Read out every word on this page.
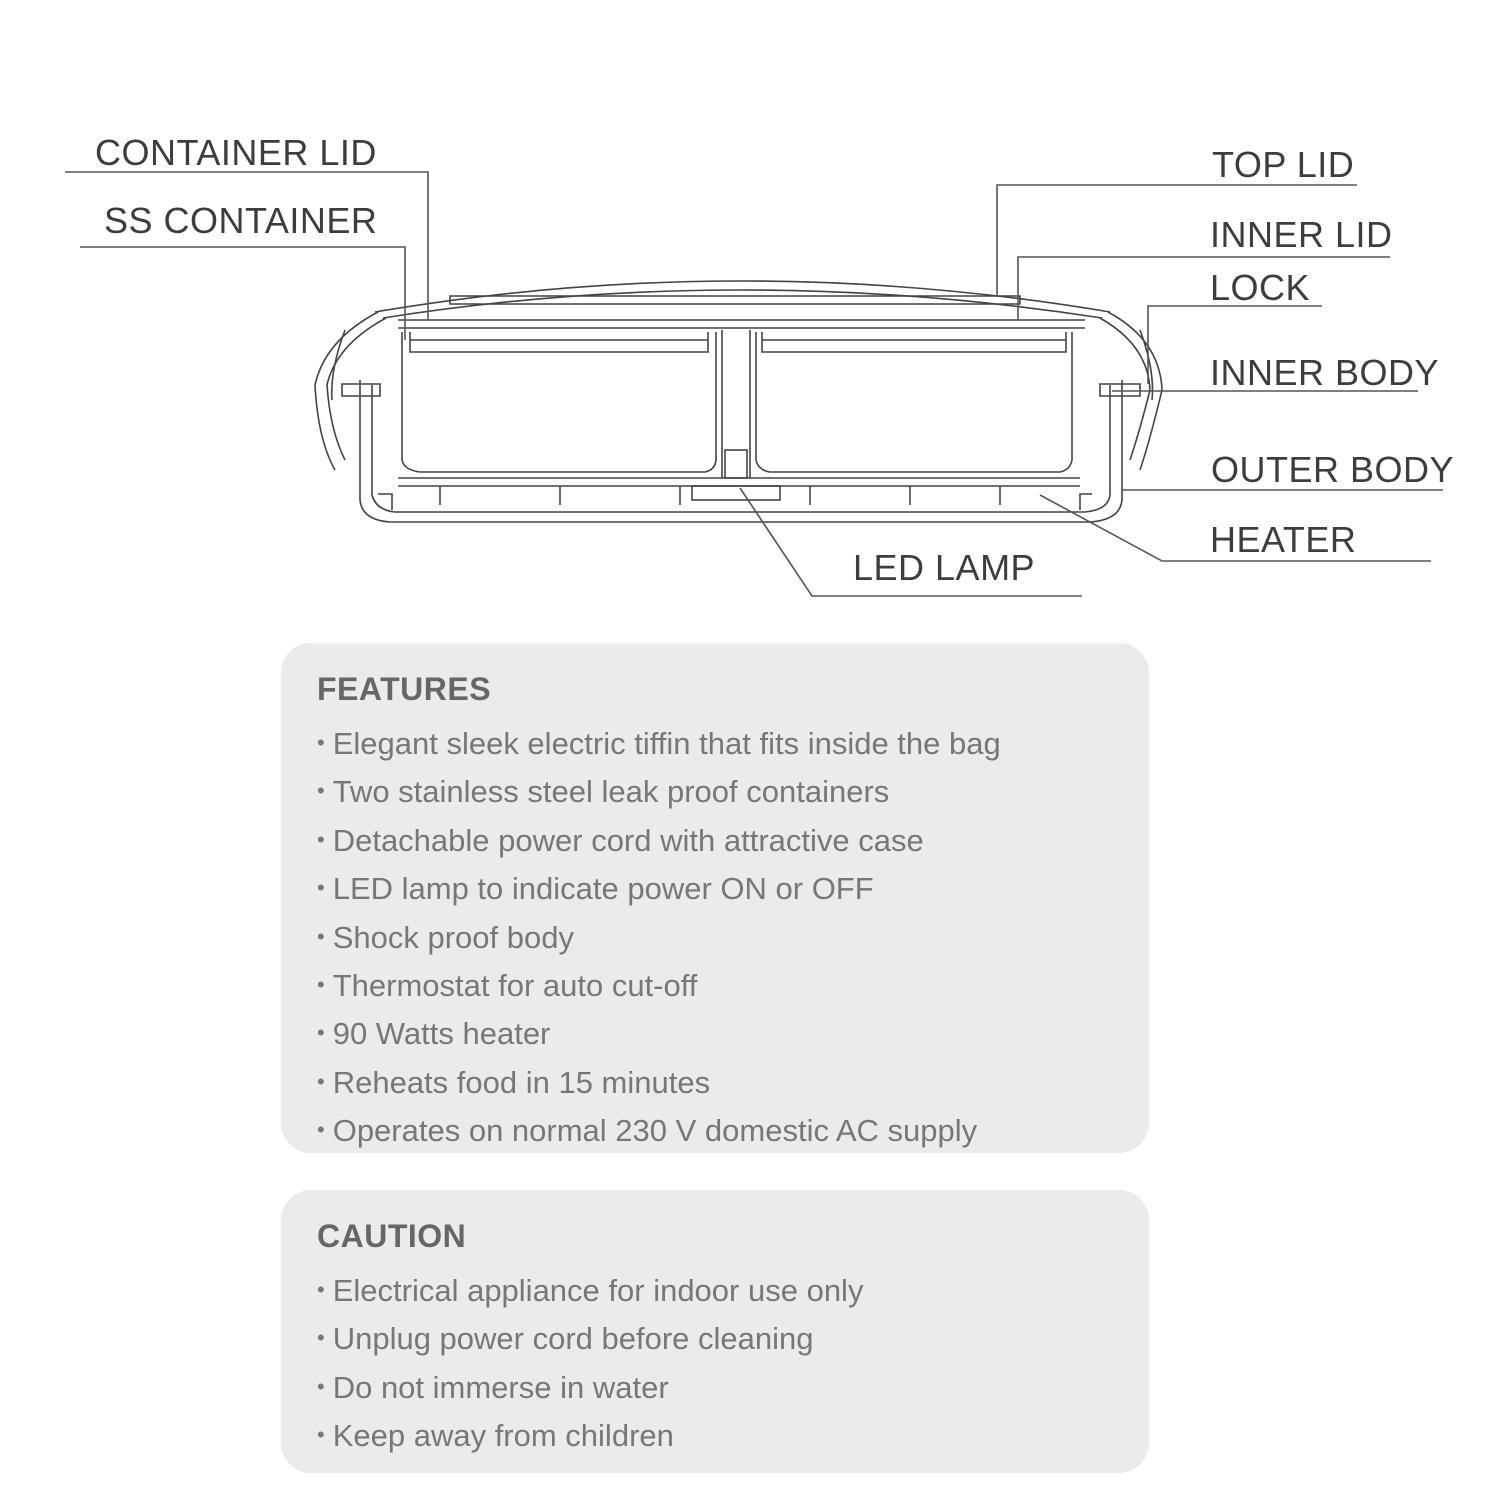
CONTAINER LID
SS CONTAINER
TOP LID
INNER LID
LOCK
INNER BODY
OUTER BODY
HEATER
LED LAMP
FEATURES
• Elegant sleek electric tiffin that fits inside the bag
• Two stainless steel leak proof containers
• Detachable power cord with attractive case
• LED lamp to indicate power ON or OFF
• Shock proof body
• Thermostat for auto cut-off
• 90 Watts heater
• Reheats food in 15 minutes
• Operates on normal 230 V domestic AC supply
CAUTION
• Electrical appliance for indoor use only
• Unplug power cord before cleaning
• Do not immerse in water
• Keep away from children
